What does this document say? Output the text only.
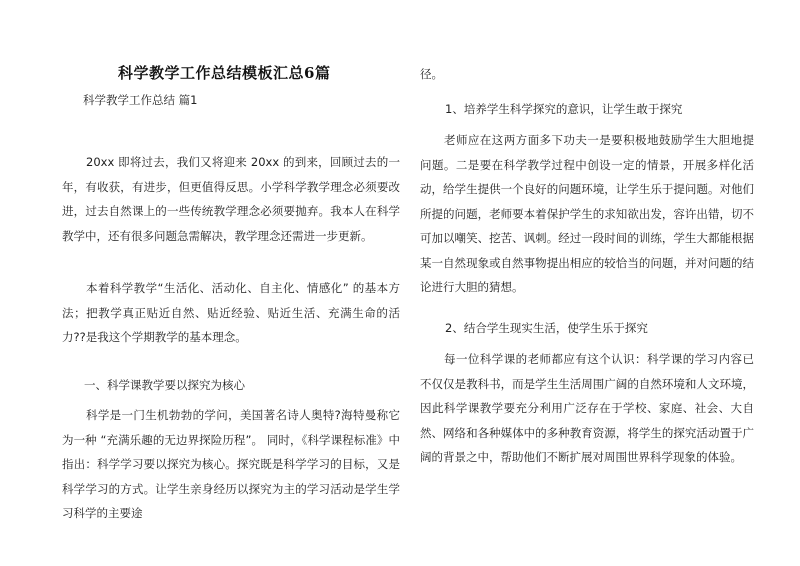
科学教学工作总结模板汇总6篇
科学教学工作总结 篇1
20xx 即将过去，我们又将迎来 20xx 的到来，回顾过去的一年，有收获，有进步，但更值得反思。小学科学教学理念必须要改进，过去自然课上的一些传统教学理念必须要抛弃。我本人在科学教学中，还有很多问题急需解决，教学理念还需进一步更新。
本着科学教学“生活化、活动化、自主化、情感化” 的基本方法；把教学真正贴近自然、贴近经验、贴近生活、充满生命的活力??是我这个学期教学的基本理念。
一、科学课教学要以探究为核心
科学是一门生机勃勃的学问，美国著名诗人奥特?海特曼称它为一种 “充满乐趣的无边界探险历程”。 同时，《科学课程标准》中指出：科学学习要以探究为核心。探究既是科学学习的目标，又是科学学习的方式。让学生亲身经历以探究为主的学习活动是学生学习科学的主要途
径。
1、培养学生科学探究的意识，让学生敢于探究
老师应在这两方面多下功夫一是要积极地鼓励学生大胆地提问题。二是要在科学教学过程中创设一定的情景，开展多样化活动，给学生提供一个良好的问题环境，让学生乐于提问题。对他们所提的问题，老师要本着保护学生的求知欲出发，容许出错，切不可加以嘲笑、挖苦、讽刺。经过一段时间的训练，学生大都能根据某一自然现象或自然事物提出相应的较恰当的问题，并对问题的结论进行大胆的猜想。
2、结合学生现实生活，使学生乐于探究
每一位科学课的老师都应有这个认识：科学课的学习内容已不仅仅是教科书，而是学生生活周围广阔的自然环境和人文环境，因此科学课教学要充分利用广泛存在于学校、家庭、社会、大自然、网络和各种媒体中的多种教育资源，将学生的探究活动置于广阔的背景之中，帮助他们不断扩展对周围世界科学现象的体验。
